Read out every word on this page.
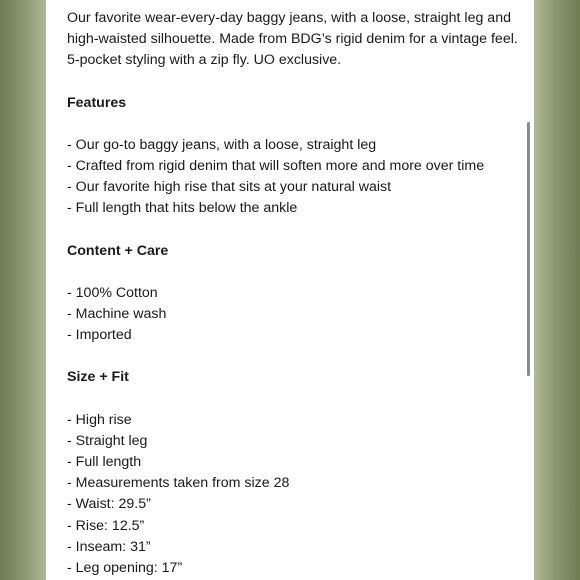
Our favorite wear-every-day baggy jeans, with a loose, straight leg and
high-waisted silhouette. Made from BDG’s rigid denim for a vintage feel.
5-pocket styling with a zip fly. UO exclusive.

Features

- Our go-to baggy jeans, with a loose, straight leg
- Crafted from rigid denim that will soften more and more over time
- Our favorite high rise that sits at your natural waist
- Full length that hits below the ankle

Content + Care

- 100% Cotton
- Machine wash
- Imported

Size + Fit

- High rise
- Straight leg
- Full length
- Measurements taken from size 28
- Waist: 29.5”
- Rise: 12.5”
- Inseam: 31”
- Leg opening: 17”
